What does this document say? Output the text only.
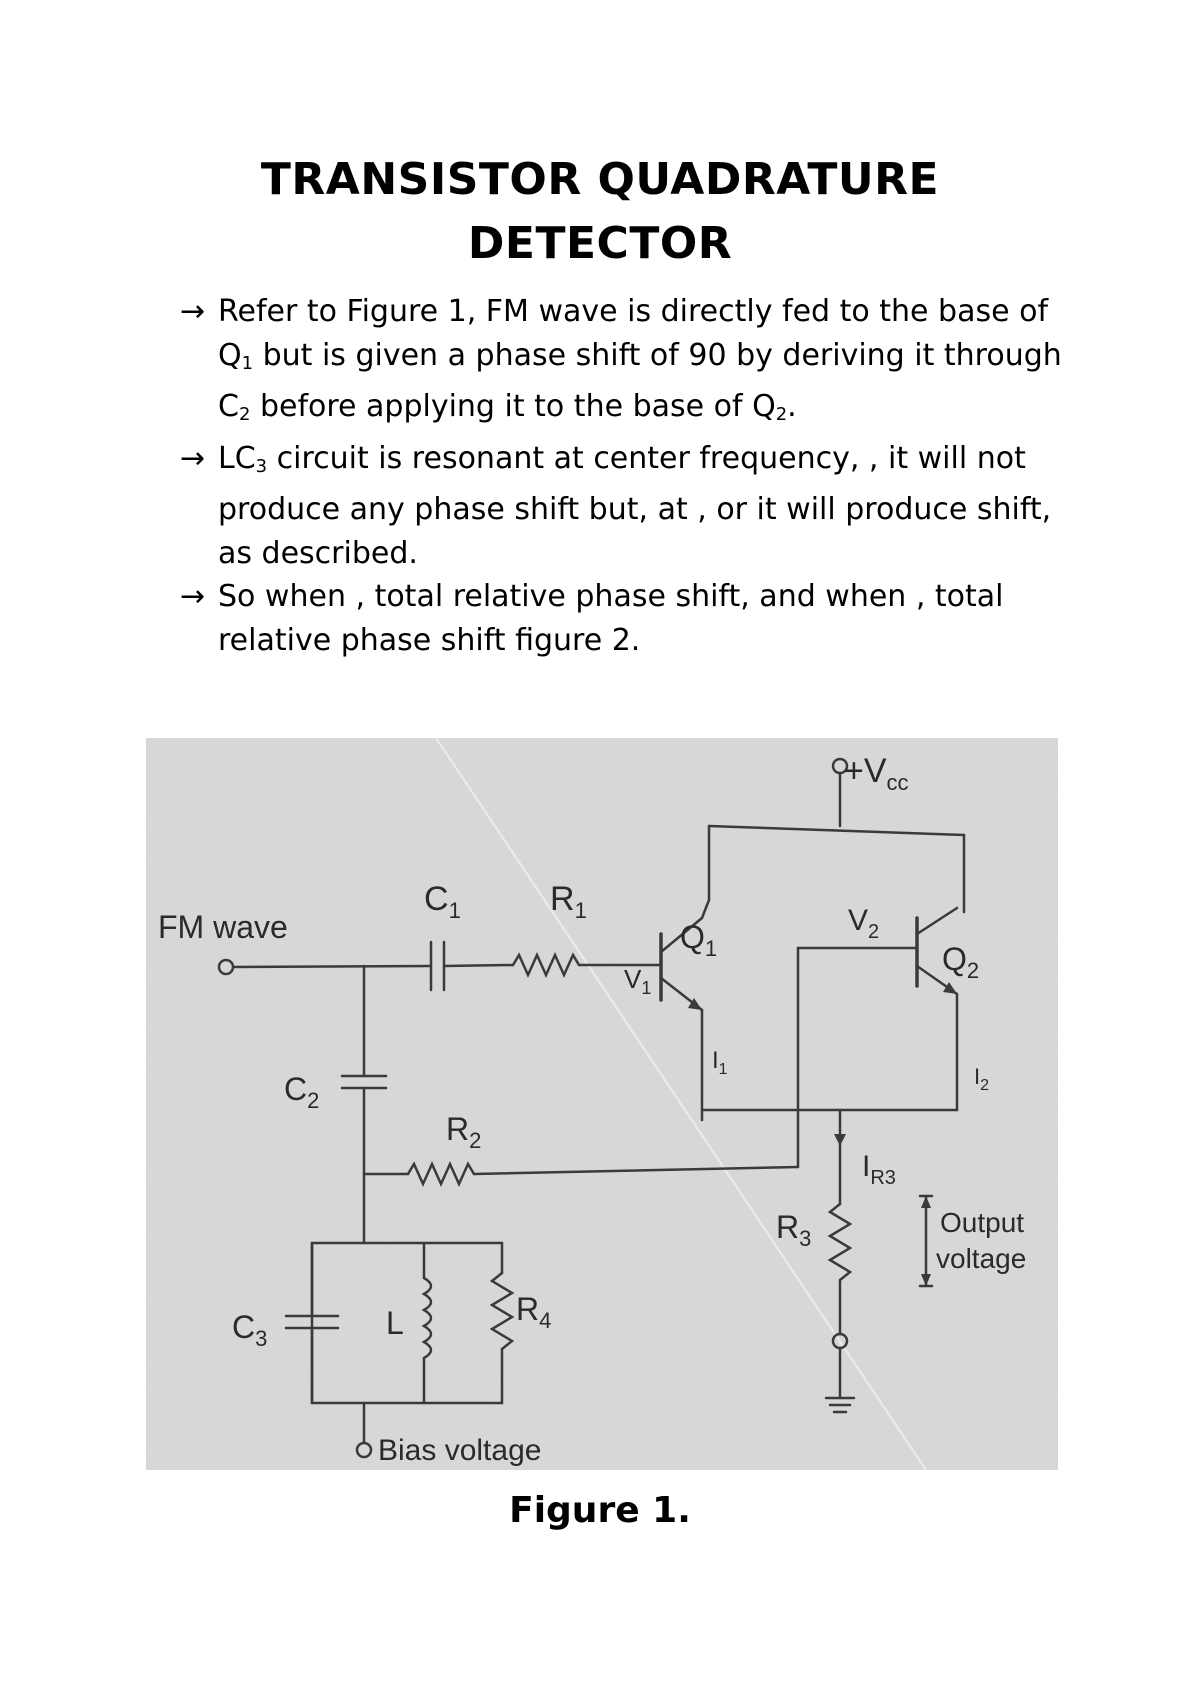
TRANSISTOR QUADRATURE
DETECTOR
→ Refer to Figure 1, FM wave is directly fed to the base of $Q_1$ but is given a phase shift of 90 by deriving it through $C_2$ before applying it to the base of $Q_2$.
→ $LC_3$ circuit is resonant at center frequency, , it will not produce any phase shift but, at , or it will produce shift, as described.
→ So when , total relative phase shift, and when , total relative phase shift figure 2.
$+V_{cc}$
FM wave
$C_1$	$R_1$
$Q_1$
$V_1$
$I_1$
$V_2$
$Q_2$
$I_2$
$C_2$
$R_2$
$I_{R3}$
$R_3$
Output
voltage
$C_3$	L	$R_4$
Bias voltage
Figure 1.
